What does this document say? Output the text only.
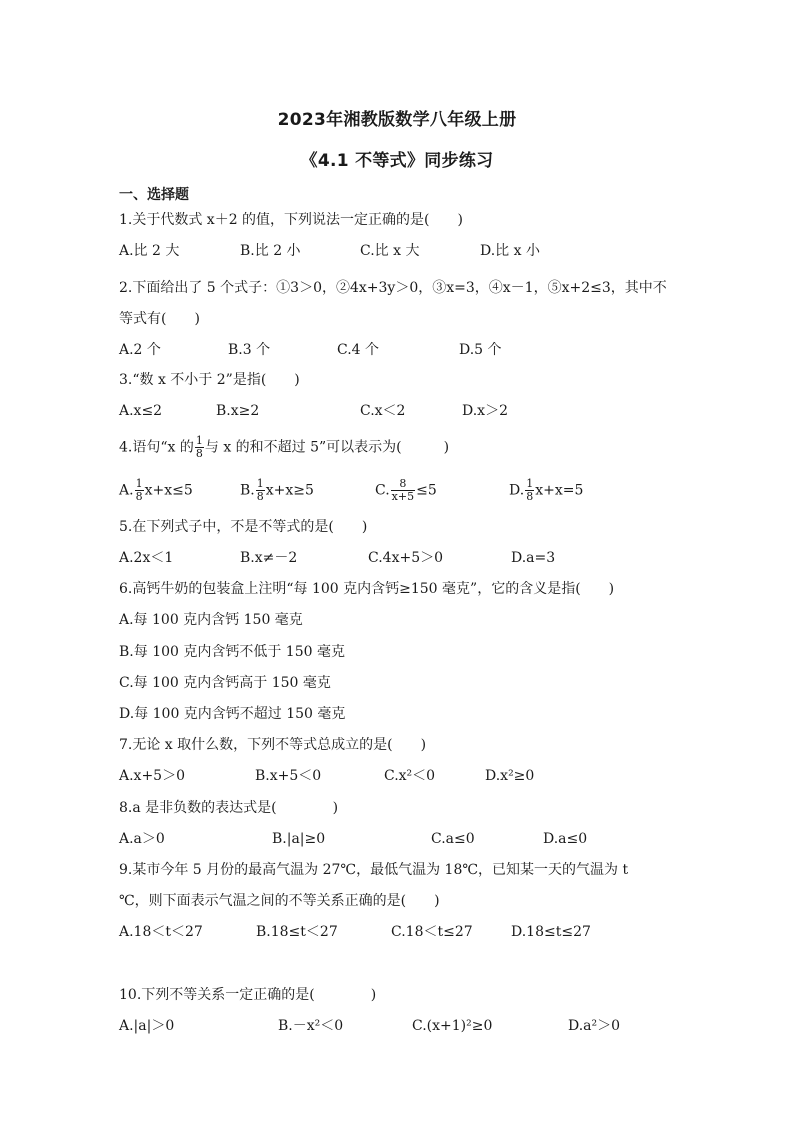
2023年湘教版数学八年级上册
《4.1 不等式》同步练习
一、选择题
1.关于代数式 x＋2 的值，下列说法一定正确的是(　　)
A.比 2 大	B.比 2 小	C.比 x 大	D.比 x 小
2.下面给出了 5 个式子：①3＞0，②4x+3y＞0，③x=3，④x－1，⑤x+2≤3，其中不
等式有(　　)
A.2 个	B.3 个	C.4 个	D.5 个
3.“数 x 不小于 2”是指(　　)
A.x≤2	B.x≥2	C.x＜2	D.x＞2
4.语句“x 的 $\frac{1}{8}$ 与 x 的和不超过 5”可以表示为(　　　)
A. $\frac{1}{8} x+x\le 5$	B. $\frac{1}{8} x+x\ge 5$	C. $\frac{8}{x+5} \le 5$	D. $\frac{1}{8} x+x=5$
5.在下列式子中，不是不等式的是(　　)
A.2x＜1	B.x≠－2	C.4x+5＞0	D.a=3
6.高钙牛奶的包装盒上注明“每 100 克内含钙≥150 毫克”，它的含义是指(　　)
A.每 100 克内含钙 150 毫克
B.每 100 克内含钙不低于 150 毫克
C.每 100 克内含钙高于 150 毫克
D.每 100 克内含钙不超过 150 毫克
7.无论 x 取什么数，下列不等式总成立的是(　　)
A.x+5＞0	B.x+5＜0	C.x²＜0	D.x²≥0
8.a 是非负数的表达式是(　　　　)
A.a＞0	B.|a|≥0	C.a≤0	D.a≤0
9.某市今年 5 月份的最高气温为 27℃，最低气温为 18℃，已知某一天的气温为 t
℃，则下面表示气温之间的不等关系正确的是(　　)
A.18＜t＜27	B.18≤t＜27	C.18＜t≤27	D.18≤t≤27
10.下列不等关系一定正确的是(　　　　)
A.|a|＞0	B.－x²＜0	C.(x+1)²≥0	D.a²＞0
